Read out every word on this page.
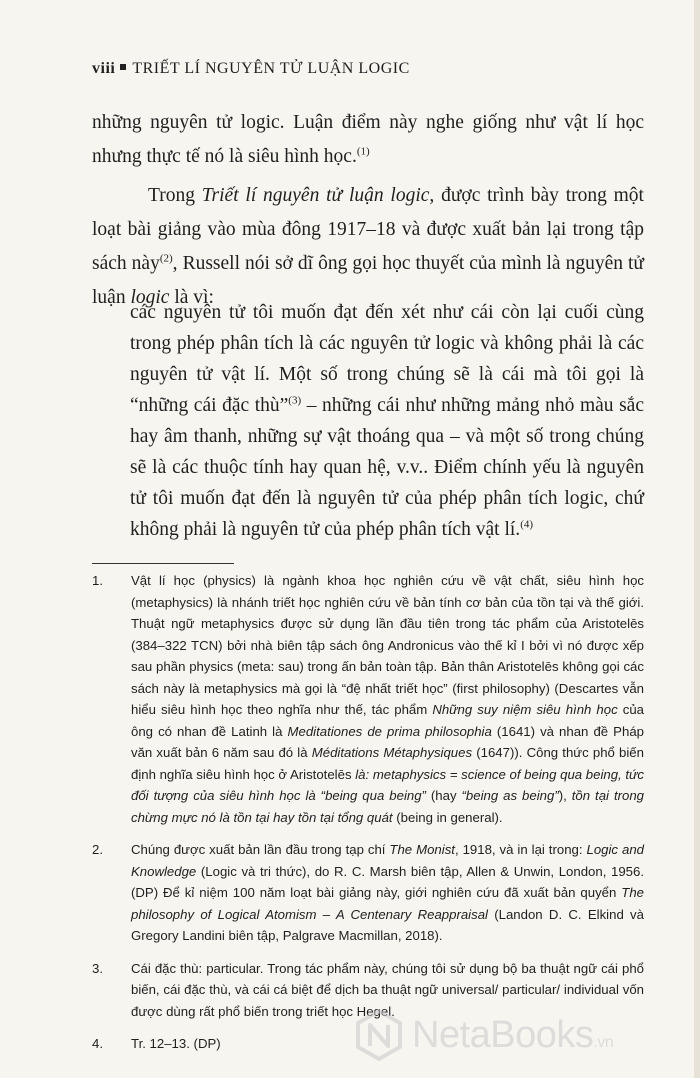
viii TRIẾT LÍ NGUYÊN TỬ LUẬN LOGIC

những nguyên tử logic. Luận điểm này nghe giống như vật lí học nhưng thực tế nó là siêu hình học.$^{(1)}$

Trong Triết lí nguyên tử luận logic, được trình bày trong một loạt bài giảng vào mùa đông 1917–18 và được xuất bản lại trong tập sách này$^{(2)}$, Russell nói sở dĩ ông gọi học thuyết của mình là nguyên tử luận logic là vì:

các nguyên tử tôi muốn đạt đến xét như cái còn lại cuối cùng trong phép phân tích là các nguyên tử logic và không phải là các nguyên tử vật lí. Một số trong chúng sẽ là cái mà tôi gọi là “những cái đặc thù”$^{(3)}$ – những cái như những mảng nhỏ màu sắc hay âm thanh, những sự vật thoáng qua – và một số trong chúng sẽ là các thuộc tính hay quan hệ, v.v.. Điểm chính yếu là nguyên tử tôi muốn đạt đến là nguyên tử của phép phân tích logic, chứ không phải là nguyên tử của phép phân tích vật lí.$^{(4)}$
1.	Vật lí học (physics) là ngành khoa học nghiên cứu về vật chất, siêu hình học (metaphysics) là nhánh triết học nghiên cứu về bản tính cơ bản của tồn tại và thế giới. Thuật ngữ metaphysics được sử dụng lần đầu tiên trong tác phẩm của Aristotelēs (384–322 TCN) bởi nhà biên tập sách ông Andronicus vào thế kỉ I bởi vì nó được xếp sau phần physics (meta: sau) trong ấn bản toàn tập. Bản thân Aristotelēs không gọi các sách này là metaphysics mà gọi là “đệ nhất triết học” (first philosophy) (Descartes vẫn hiểu siêu hình học theo nghĩa như thế, tác phẩm Những suy niệm siêu hình học của ông có nhan đề Latinh là Meditationes de prima philosophia (1641) và nhan đề Pháp văn xuất bản 6 năm sau đó là Méditations Métaphysiques (1647)). Công thức phổ biến định nghĩa siêu hình học ở Aristotelēs là: metaphysics = science of being qua being, tức đối tượng của siêu hình học là “being qua being” (hay “being as being”), tồn tại trong chừng mực nó là tồn tại hay tồn tại tổng quát (being in general).
2.	Chúng được xuất bản lần đầu trong tạp chí The Monist, 1918, và in lại trong: Logic and Knowledge (Logic và tri thức), do R. C. Marsh biên tập, Allen & Unwin, London, 1956. (DP) Để kỉ niệm 100 năm loạt bài giảng này, giới nghiên cứu đã xuất bản quyển The philosophy of Logical Atomism – A Centenary Reappraisal (Landon D. C. Elkind và Gregory Landini biên tập, Palgrave Macmillan, 2018).
3.	Cái đặc thù: particular. Trong tác phẩm này, chúng tôi sử dụng bộ ba thuật ngữ cái phổ biến, cái đặc thù, và cái cá biệt để dịch ba thuật ngữ universal/ particular/ individual vốn được dùng rất phổ biến trong triết học Hegel.
4.	Tr. 12–13. (DP)	NetaBooks.vn
